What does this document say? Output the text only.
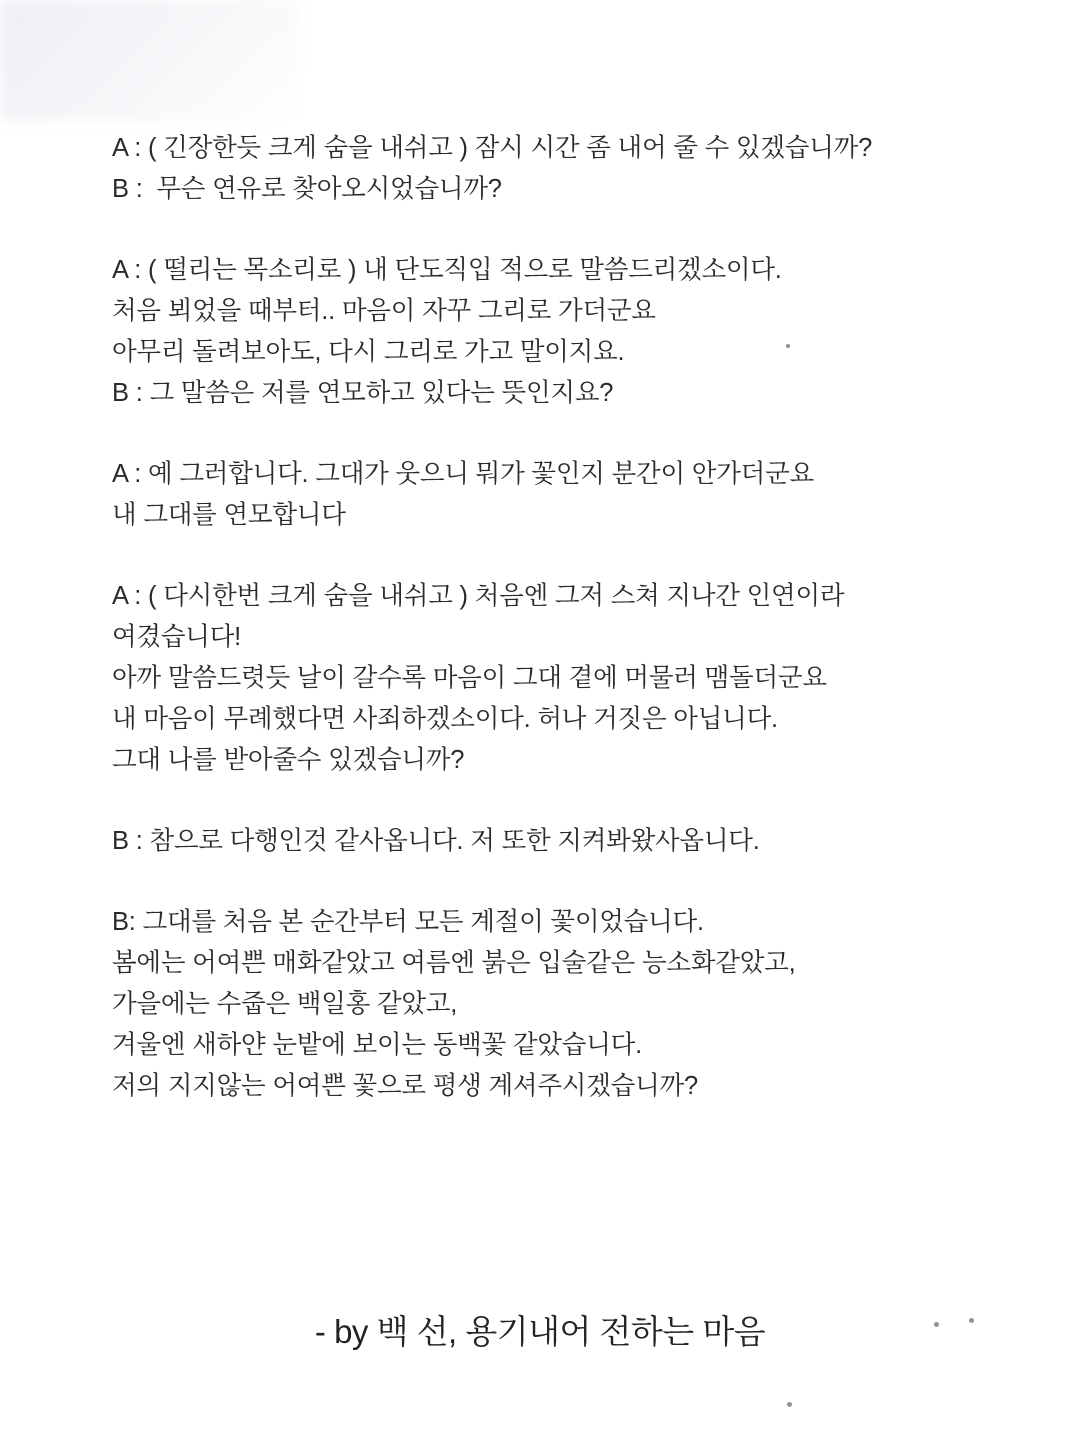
A : ( 긴장한듯 크게 숨을 내쉬고 ) 잠시 시간 좀 내어 줄 수 있겠습니까?
B :  무슨 연유로 찾아오시었습니까?
A : ( 떨리는 목소리로 ) 내 단도직입 적으로 말씀드리겠소이다.
처음 뵈었을 때부터.. 마음이 자꾸 그리로 가더군요
아무리 돌려보아도, 다시 그리로 가고 말이지요.
B : 그 말씀은 저를 연모하고 있다는 뜻인지요?
A : 예 그러합니다. 그대가 웃으니 뭐가 꽃인지 분간이 안가더군요
내 그대를 연모합니다
A : ( 다시한번 크게 숨을 내쉬고 ) 처음엔 그저 스쳐 지나간 인연이라
여겼습니다!
아까 말씀드렷듯 날이 갈수록 마음이 그대 곁에 머물러 맴돌더군요
내 마음이 무례했다면 사죄하겠소이다. 허나 거짓은 아닙니다.
그대 나를 받아줄수 있겠습니까?
B : 참으로 다행인것 같사옵니다. 저 또한 지켜봐왔사옵니다.
B: 그대를 처음 본 순간부터 모든 계절이 꽃이었습니다.
봄에는 어여쁜 매화같았고 여름엔 붉은 입술같은 능소화같았고,
가을에는 수줍은 백일홍 같았고,
겨울엔 새하얀 눈밭에 보이는 동백꽃 같았습니다.
저의 지지않는 어여쁜 꽃으로 평생 계셔주시겠습니까?
- by 백 선, 용기내어 전하는 마음
